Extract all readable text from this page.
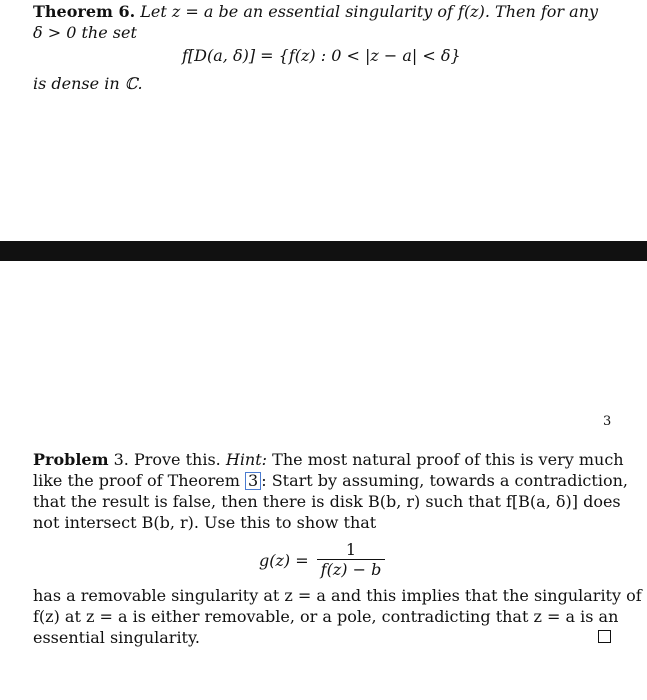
Theorem 6. Let z = a be an essential singularity of f(z). Then for any
δ > 0 the set
f[D(a, δ)] = {f(z) : 0 < |z − a| < δ}
is dense in ℂ.
3
Problem 3. Prove this. Hint: The most natural proof of this is very much
like the proof of Theorem 3 : Start by assuming, towards a contradiction,
that the result is false, then there is disk B(b, r) such that f[B(a, δ)] does
not intersect B(b, r). Use this to show that
g(z) =
1
f(z) − b
has a removable singularity at z = a and this implies that the singularity of
f(z) at z = a is either removable, or a pole, contradicting that z = a is an
essential singularity.
